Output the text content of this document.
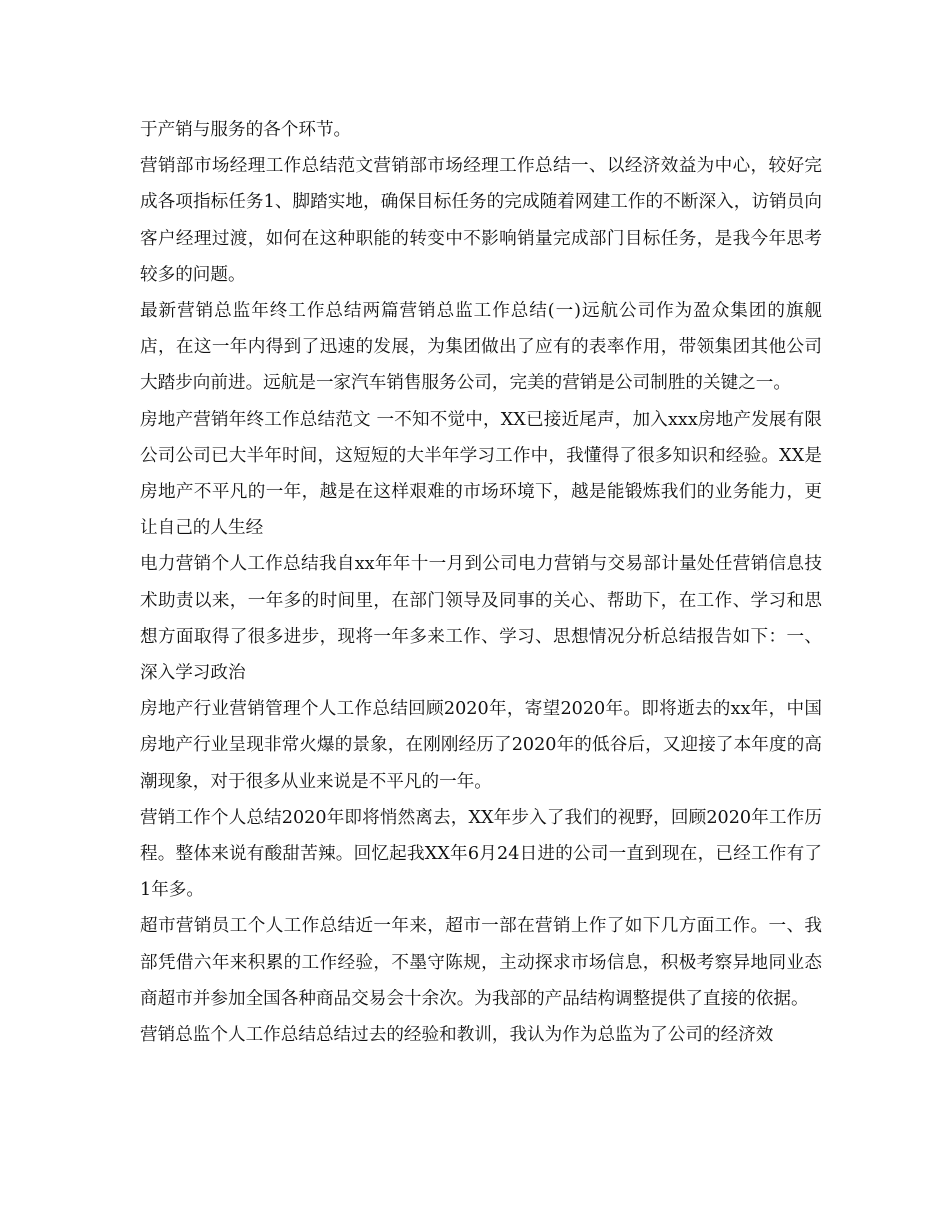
于产销与服务的各个环节。

营销部市场经理工作总结范文营销部市场经理工作总结一、以经济效益为中心，较好完成各项指标任务1、脚踏实地，确保目标任务的完成随着网建工作的不断深入，访销员向客户经理过渡，如何在这种职能的转变中不影响销量完成部门目标任务，是我今年思考较多的问题。

最新营销总监年终工作总结两篇营销总监工作总结(一)远航公司作为盈众集团的旗舰店，在这一年内得到了迅速的发展，为集团做出了应有的表率作用，带领集团其他公司大踏步向前进。远航是一家汽车销售服务公司，完美的营销是公司制胜的关键之一。

房地产营销年终工作总结范文 一不知不觉中，XX已接近尾声，加入xxx房地产发展有限公司公司已大半年时间，这短短的大半年学习工作中，我懂得了很多知识和经验。XX是房地产不平凡的一年，越是在这样艰难的市场环境下，越是能锻炼我们的业务能力，更让自己的人生经

电力营销个人工作总结我自xx年年十一月到公司电力营销与交易部计量处任营销信息技术助责以来，一年多的时间里，在部门领导及同事的关心、帮助下，在工作、学习和思想方面取得了很多进步，现将一年多来工作、学习、思想情况分析总结报告如下：一、深入学习政治

房地产行业营销管理个人工作总结回顾2020年，寄望2020年。即将逝去的xx年，中国房地产行业呈现非常火爆的景象，在刚刚经历了2020年的低谷后，又迎接了本年度的高潮现象，对于很多从业来说是不平凡的一年。

营销工作个人总结2020年即将悄然离去，XX年步入了我们的视野，回顾2020年工作历程。整体来说有酸甜苦辣。回忆起我XX年6月24日进的公司一直到现在，已经工作有了1年多。

超市营销员工个人工作总结近一年来，超市一部在营销上作了如下几方面工作。一、我部凭借六年来积累的工作经验，不墨守陈规，主动探求市场信息，积极考察异地同业态商超市并参加全国各种商品交易会十余次。为我部的产品结构调整提供了直接的依据。

营销总监个人工作总结总结过去的经验和教训，我认为作为总监为了公司的经济效
